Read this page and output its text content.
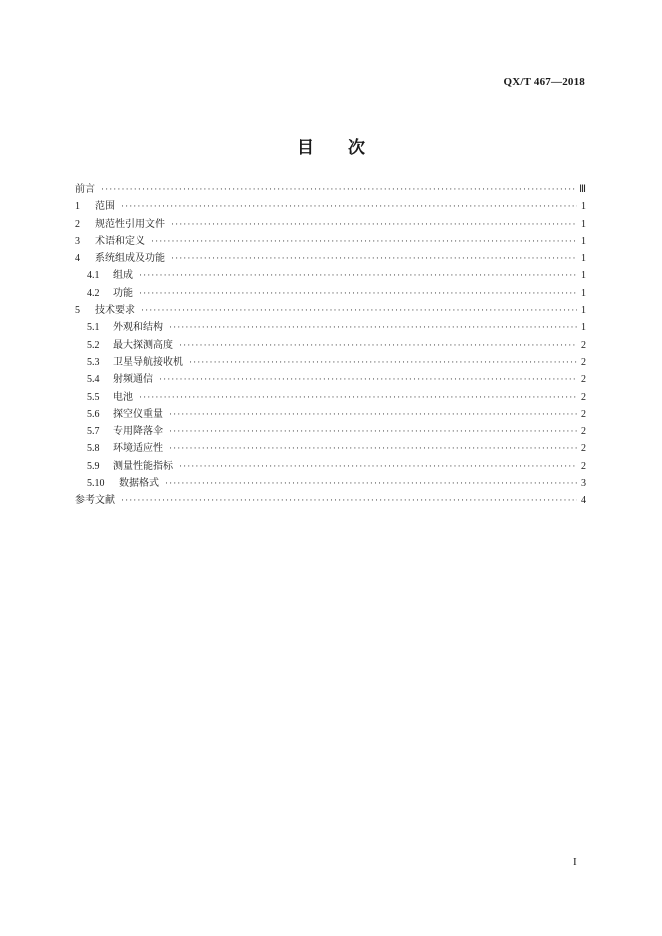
QX/T 467—2018
目 次
前言 ·····	Ⅲ
1	范围 ·····	1
2	规范性引用文件 ·····	1
3	术语和定义 ·····	1
4	系统组成及功能 ·····	1
4.1	组成 ·····	1
4.2	功能 ·····	1
5	技术要求 ·····	1
5.1	外观和结构 ·····	1
5.2	最大探测高度 ·····	2
5.3	卫星导航接收机 ·····	2
5.4	射频通信 ·····	2
5.5	电池 ·····	2
5.6	探空仪重量 ·····	2
5.7	专用降落伞 ·····	2
5.8	环境适应性 ·····	2
5.9	测量性能指标 ·····	2
5.10	数据格式 ·····	3
参考文献 ·····	4
I
